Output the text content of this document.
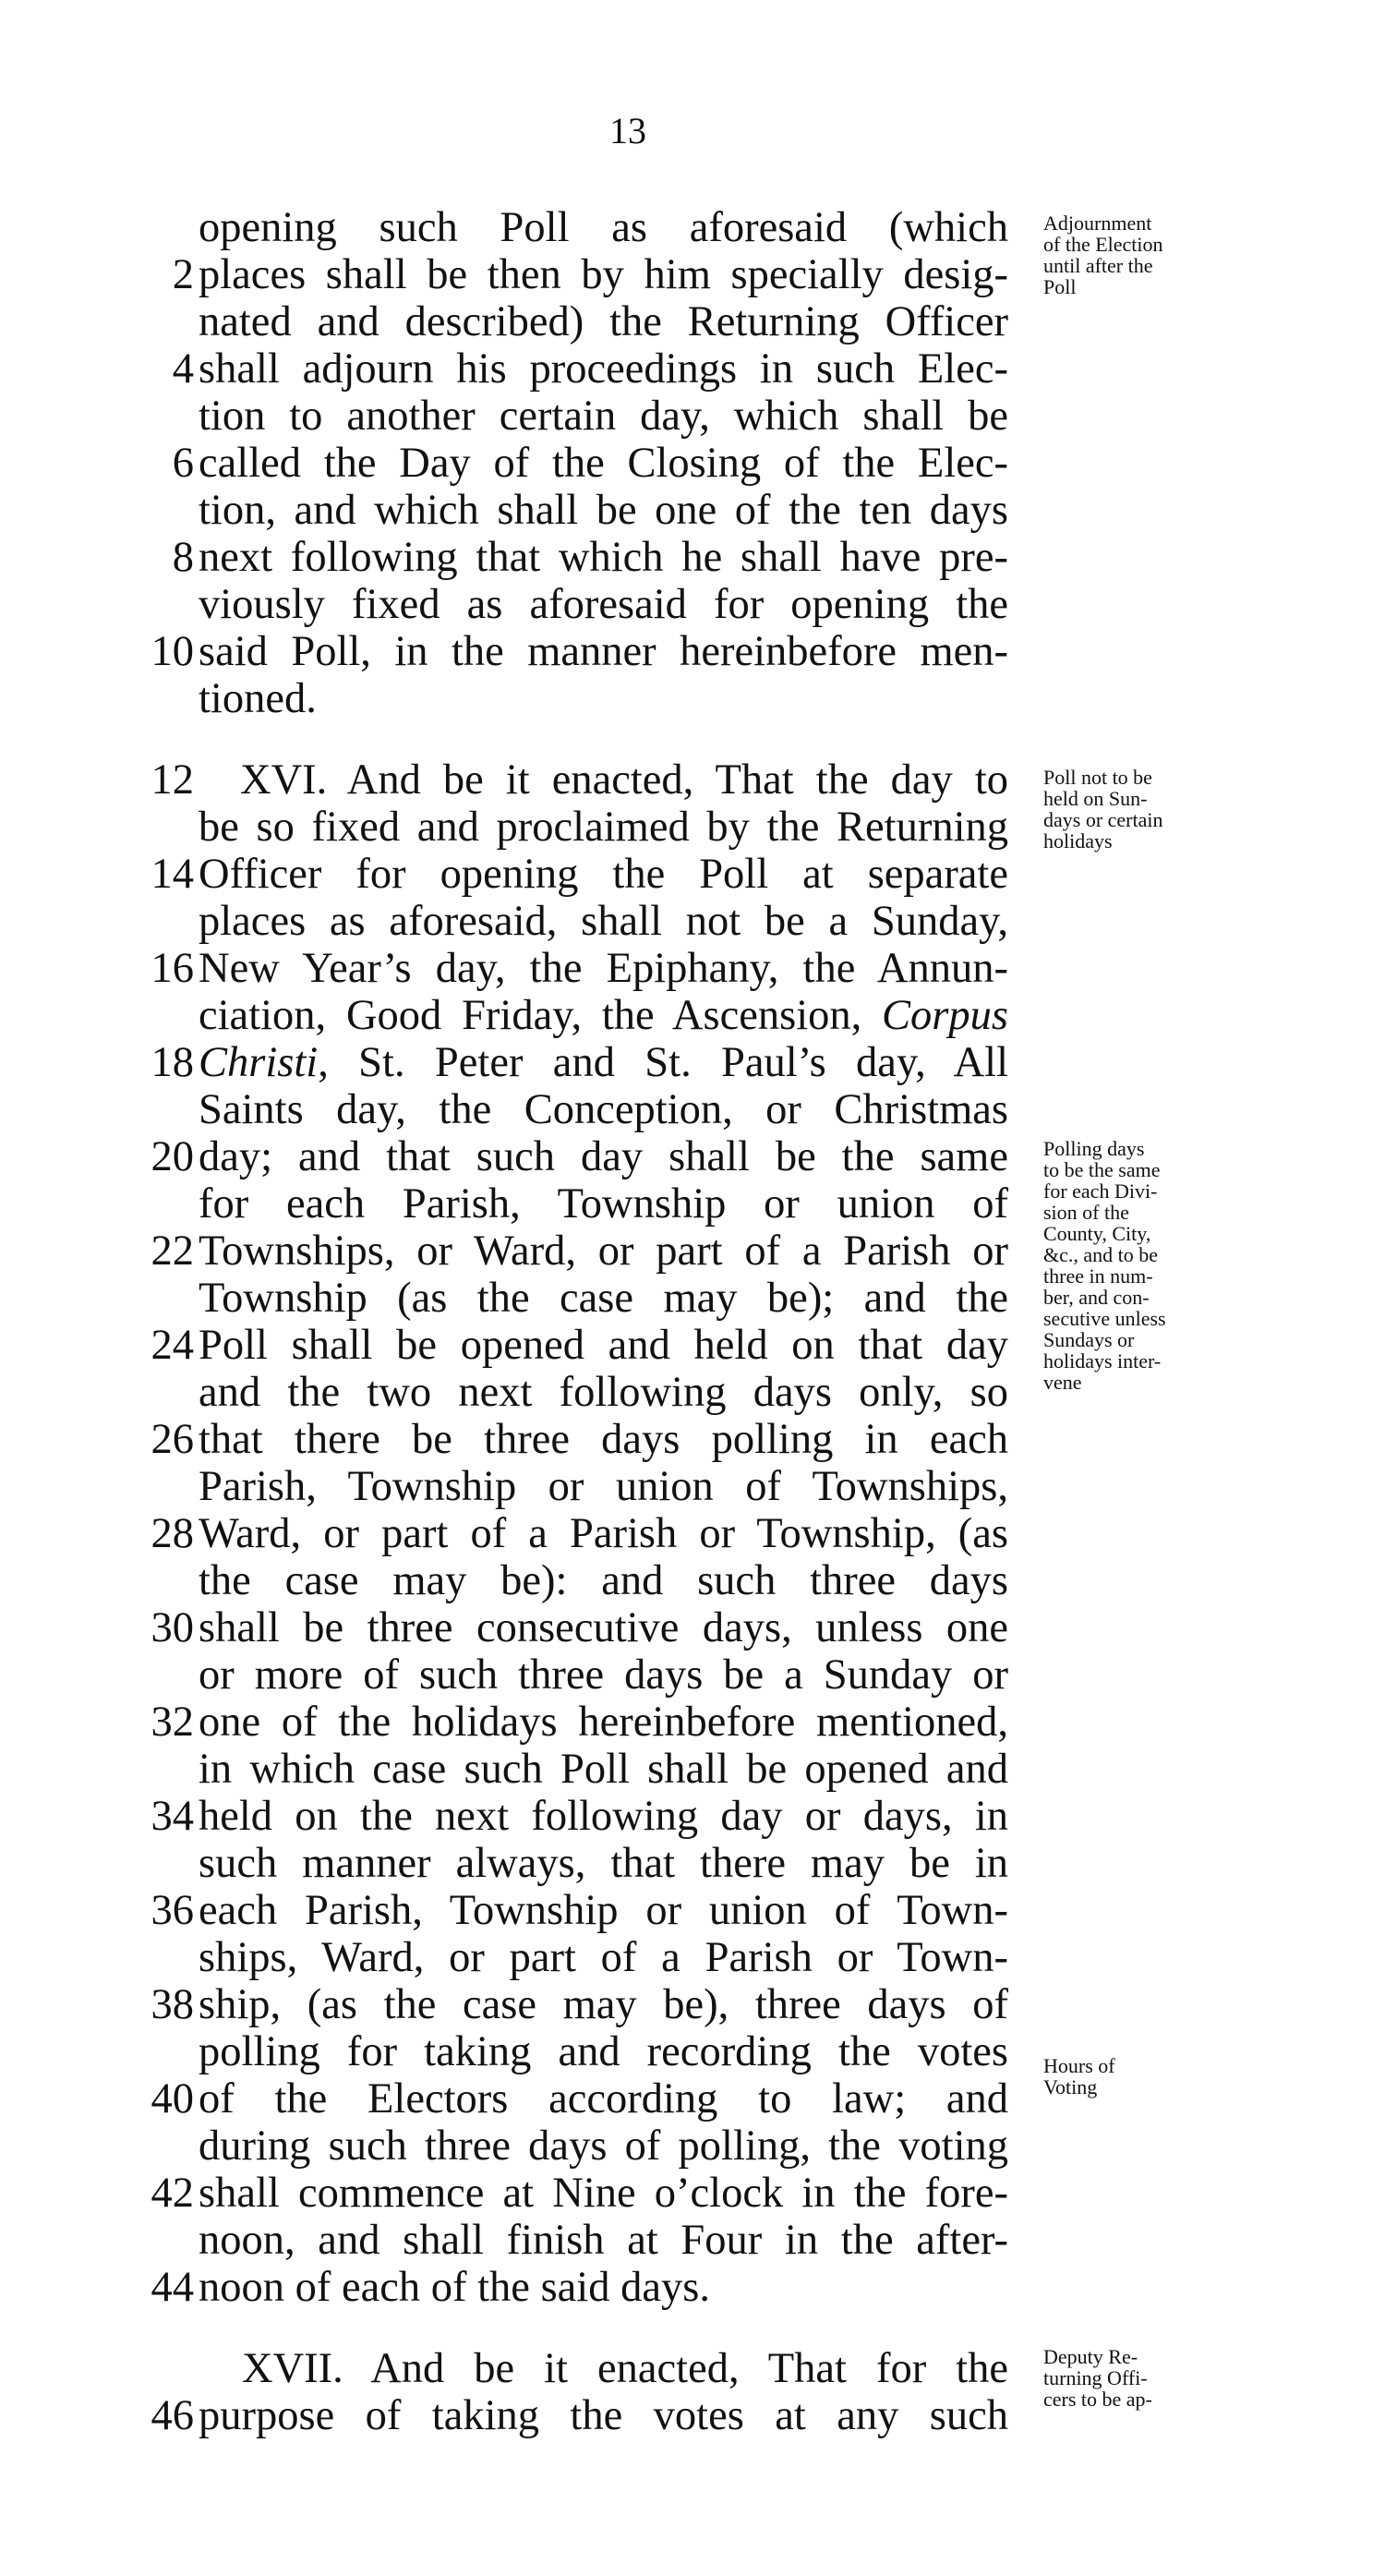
13
opening such Poll as aforesaid (which
2 places shall be then by him specially desig-
nated and described) the Returning Officer
4 shall adjourn his proceedings in such Elec-
tion to another certain day, which shall be
6 called the Day of the Closing of the Elec-
tion, and which shall be one of the ten days
8 next following that which he shall have pre-
viously fixed as aforesaid for opening the
10 said Poll, in the manner hereinbefore men-
tioned.
12 XVI. And be it enacted, That the day to
be so fixed and proclaimed by the Returning
14 Officer for opening the Poll at separate
places as aforesaid, shall not be a Sunday,
16 New Year’s day, the Epiphany, the Annun-
ciation, Good Friday, the Ascension, Corpus
18 Christi, St. Peter and St. Paul’s day, All
Saints day, the Conception, or Christmas
20 day; and that such day shall be the same
for each Parish, Township or union of
22 Townships, or Ward, or part of a Parish or
Township (as the case may be); and the
24 Poll shall be opened and held on that day
and the two next following days only, so
26 that there be three days polling in each
Parish, Township or union of Townships,
28 Ward, or part of a Parish or Township, (as
the case may be): and such three days
30 shall be three consecutive days, unless one
or more of such three days be a Sunday or
32 one of the holidays hereinbefore mentioned,
in which case such Poll shall be opened and
34 held on the next following day or days, in
such manner always, that there may be in
36 each Parish, Township or union of Town-
ships, Ward, or part of a Parish or Town-
38 ship, (as the case may be), three days of
polling for taking and recording the votes
40 of the Electors according to law; and
during such three days of polling, the voting
42 shall commence at Nine o’clock in the fore-
noon, and shall finish at Four in the after-
44 noon of each of the said days.
XVII. And be it enacted, That for the
46 purpose of taking the votes at any such
Adjournment
of the Election
until after the
Poll
Poll not to be
held on Sun-
days or certain
holidays
Polling days
to be the same
for each Divi-
sion of the
County, City,
&c., and to be
three in num-
ber, and con-
secutive unless
Sundays or
holidays inter-
vene
Hours of
Voting
Deputy Re-
turning Offi-
cers to be ap-
